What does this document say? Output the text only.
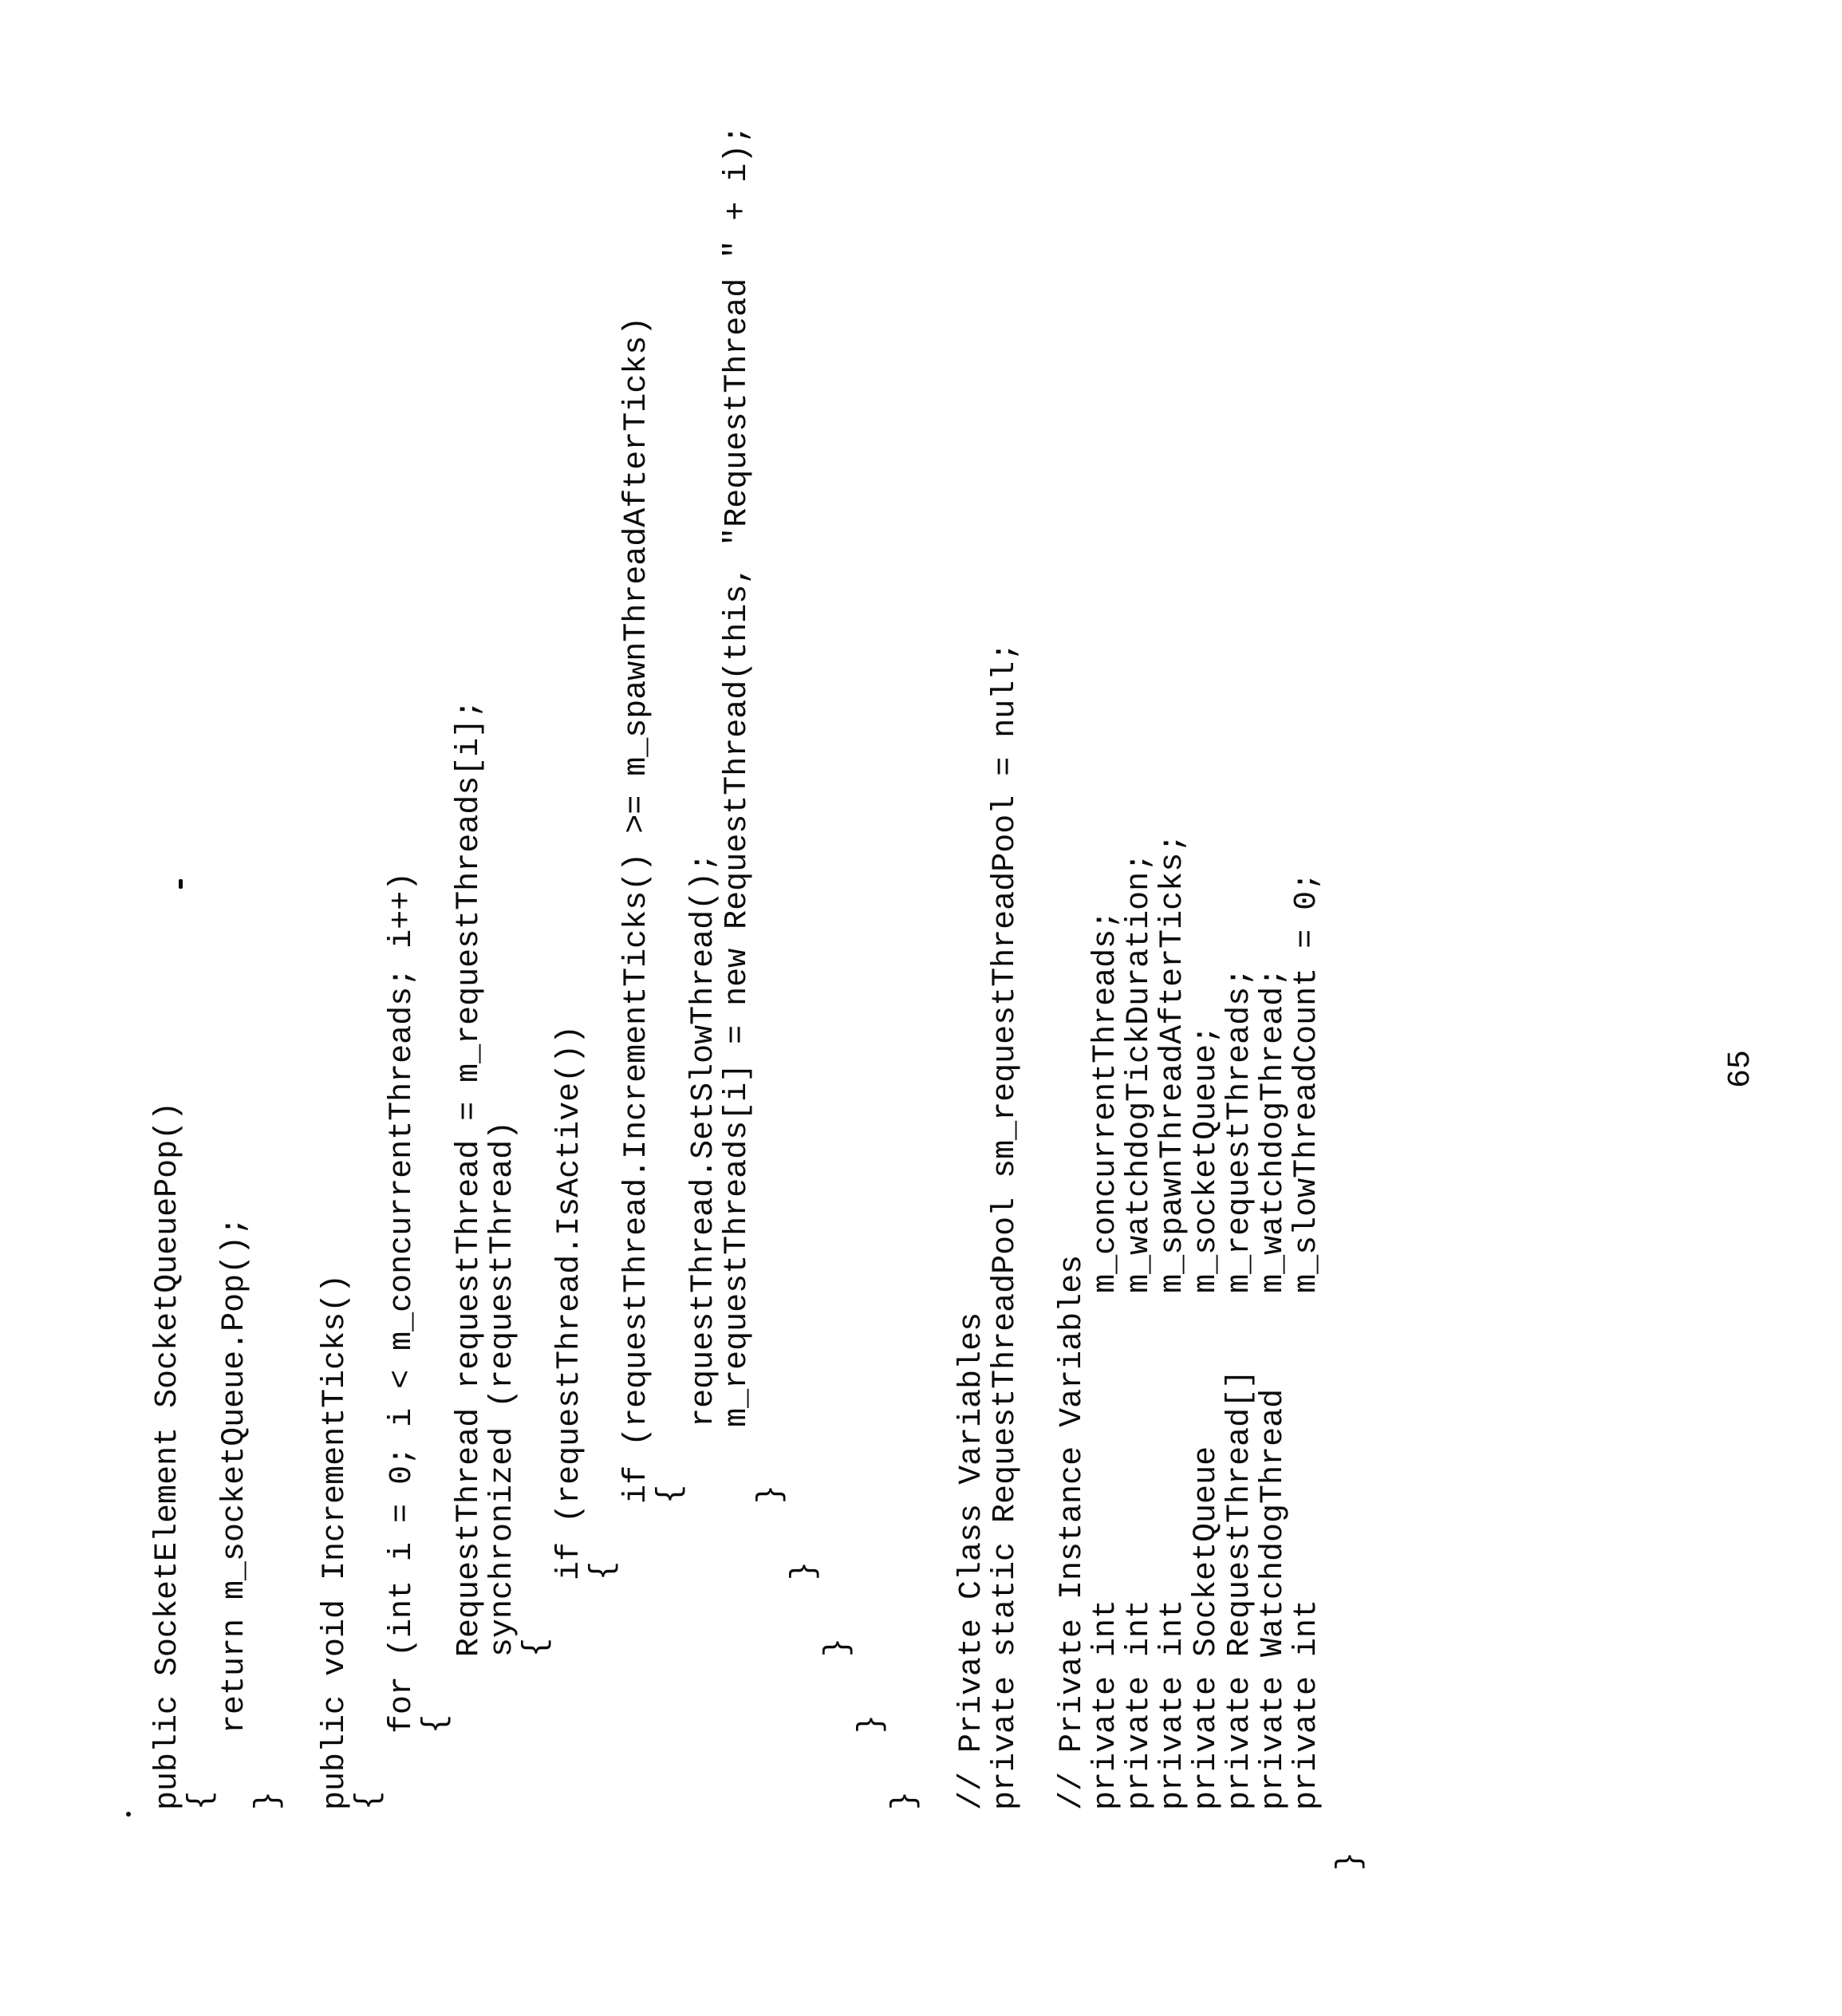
public SocketElement SocketQueuePop()
{
return m_socketQueue.Pop();
}

public void IncrementTicks()
{
for (int i = 0; i < m_concurrentThreads; i++)
{
RequestThread requestThread = m_requestThreads[i];
synchronized (requestThread)
{
if (requestThread.IsActive())
{
if (requestThread.IncrementTicks() >= m_spawnThreadAfterTicks)
{
requestThread.SetSlowThread();
m_requestThreads[i] = new RequestThread(this, "RequestThread " + i);
}
}
}
}
}

// Private Class Variables
private static RequestThreadPool sm_requestThreadPool = null;

// Private Instance Variables
private int                m_concurrentThreads;
private int                m_watchdogTickDuration;
private int                m_spawnThreadAfterTicks;
private SocketQueue        m_socketQueue;
private RequestThread[]    m_requestThreads;
private WatchdogThread     m_watchdogThread;
private int                m_slowThreadCount = 0;
}
65
